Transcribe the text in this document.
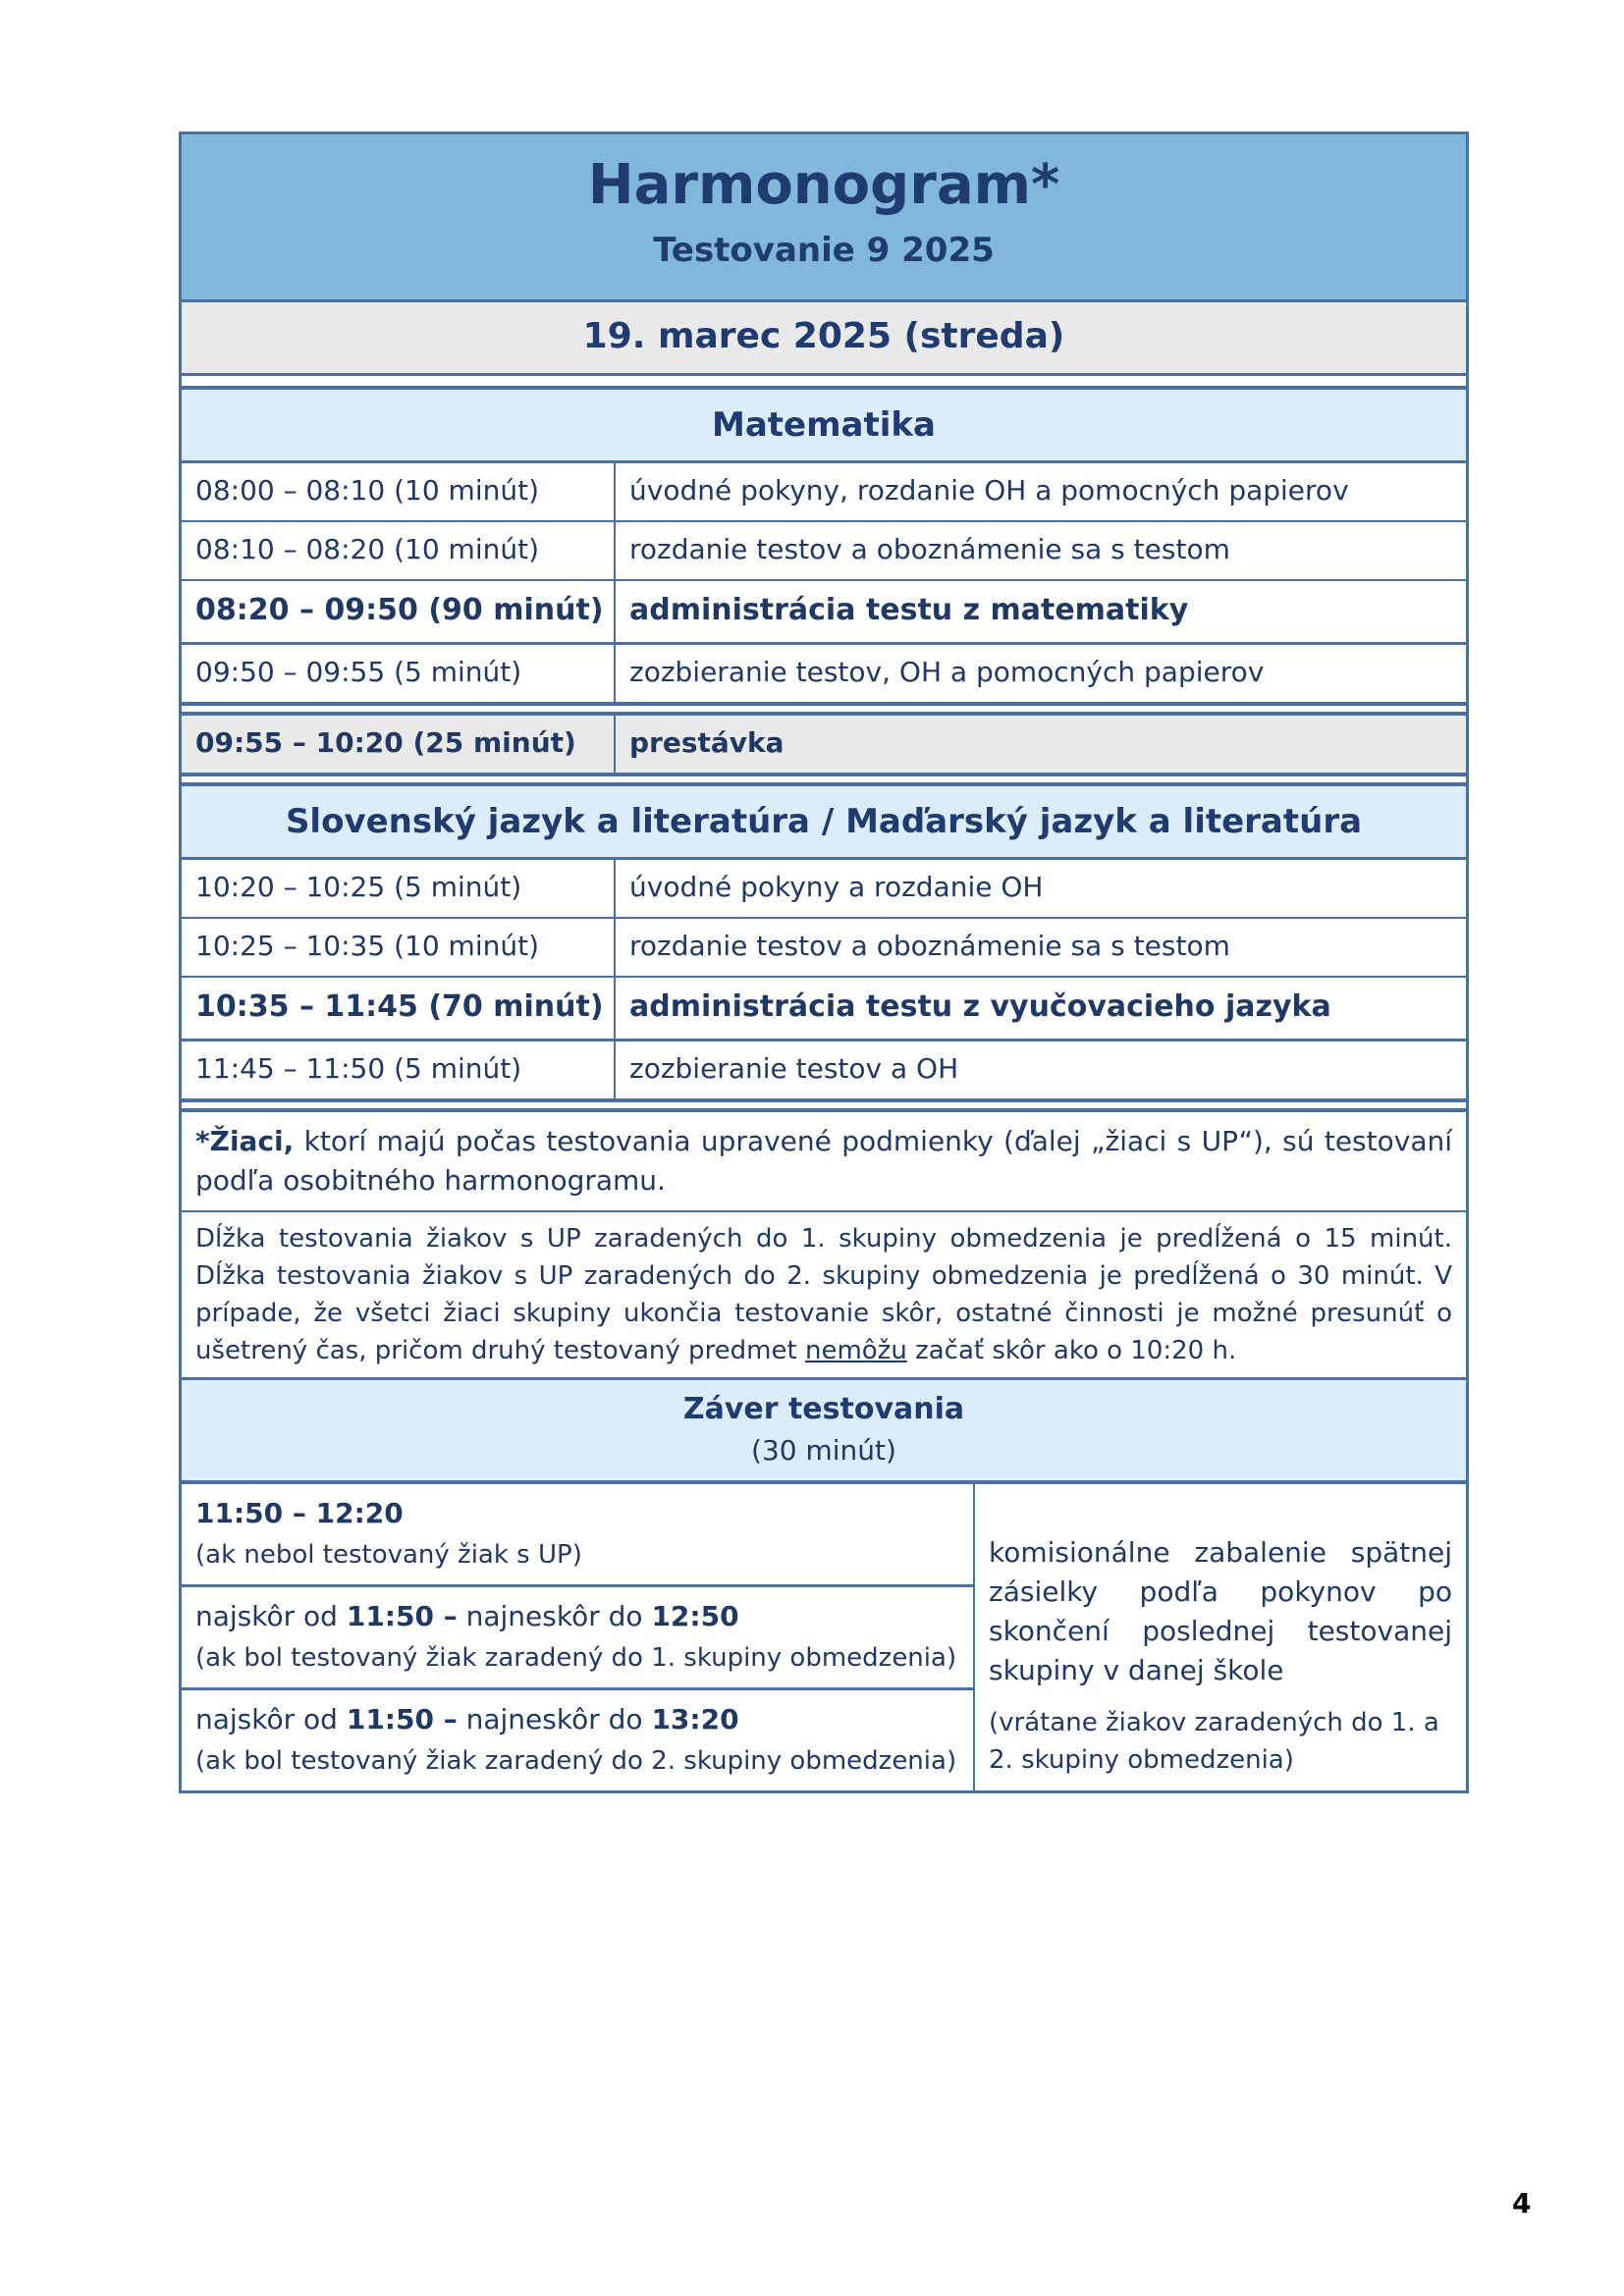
Harmonogram*
Testovanie 9 2025
19. marec 2025 (streda)
Matematika
08:00 – 08:10 (10 minút)	úvodné pokyny, rozdanie OH a pomocných papierov
08:10 – 08:20 (10 minút)	rozdanie testov a oboznámenie sa s testom
08:20 – 09:50 (90 minút) administrácia testu z matematiky
09:50 – 09:55 (5 minút)	zozbieranie testov, OH a pomocných papierov
09:55 – 10:20 (25 minút)	prestávka
Slovenský jazyk a literatúra / Maďarský jazyk a literatúra
10:20 – 10:25 (5 minút)	úvodné pokyny a rozdanie OH
10:25 – 10:35 (10 minút)	rozdanie testov a oboznámenie sa s testom
10:35 – 11:45 (70 minút) administrácia testu z vyučovacieho jazyka
11:45 – 11:50 (5 minút)	zozbieranie testov a OH
*Žiaci, ktorí majú počas testovania upravené podmienky (ďalej „žiaci s UP“), sú testovaní podľa osobitného harmonogramu.
Dĺžka testovania žiakov s UP zaradených do 1. skupiny obmedzenia je predĺžená o 15 minút. Dĺžka testovania žiakov s UP zaradených do 2. skupiny obmedzenia je predĺžená o 30 minút. V prípade, že všetci žiaci skupiny ukončia testovanie skôr, ostatné činnosti je možné presunúť o ušetrený čas, pričom druhý testovaný predmet nemôžu začať skôr ako o 10:20 h.
Záver testovania
(30 minút)
11:50 – 12:20
(ak nebol testovaný žiak s UP)
najskôr od 11:50 – najneskôr do 12:50
(ak bol testovaný žiak zaradený do 1. skupiny obmedzenia)
najskôr od 11:50 – najneskôr do 13:20
(ak bol testovaný žiak zaradený do 2. skupiny obmedzenia)
komisionálne zabalenie spätnej zásielky podľa pokynov po skončení poslednej testovanej skupiny v danej škole
(vrátane žiakov zaradených do 1. a 2. skupiny obmedzenia)
4
